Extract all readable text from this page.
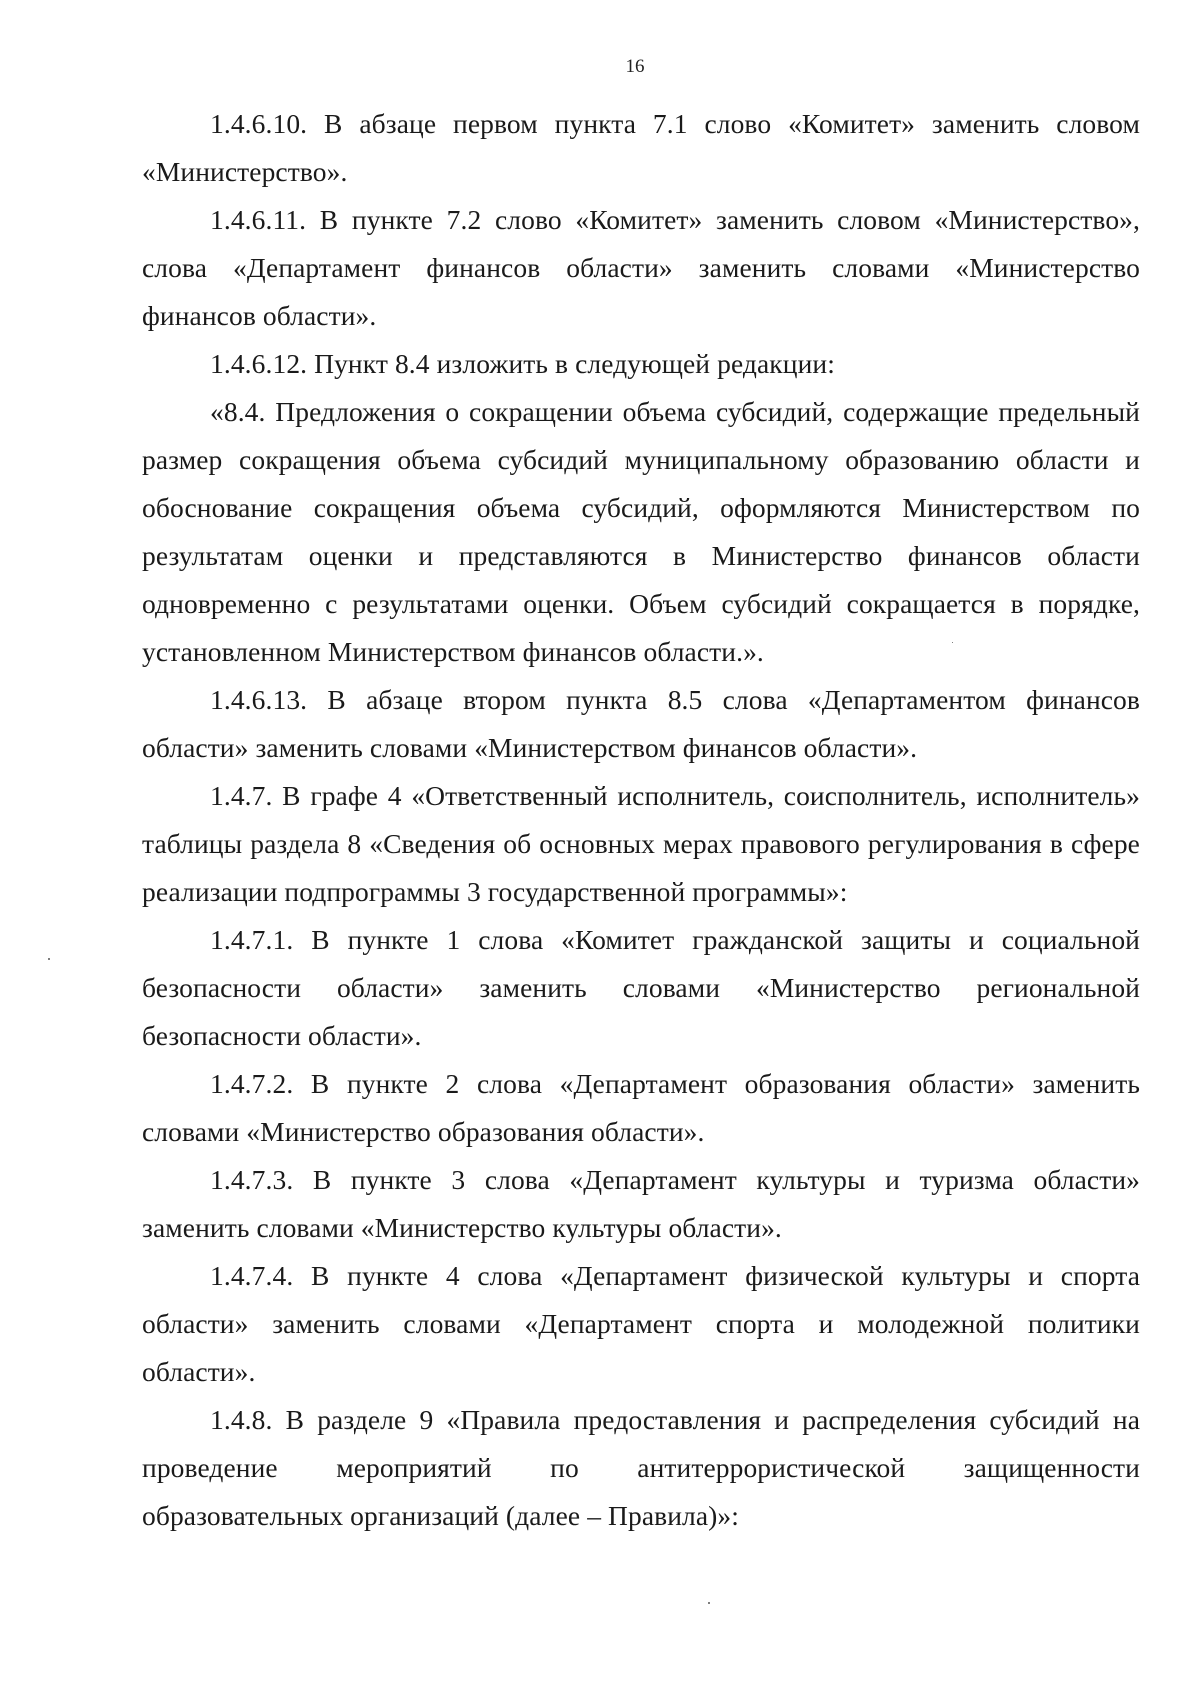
16

1.4.6.10. В абзаце первом пункта 7.1 слово «Комитет» заменить словом «Министерство».

1.4.6.11. В пункте 7.2 слово «Комитет» заменить словом «Министерство», слова «Департамент финансов области» заменить словами «Министерство финансов области».

1.4.6.12. Пункт 8.4 изложить в следующей редакции:

«8.4. Предложения о сокращении объема субсидий, содержащие предельный размер сокращения объема субсидий муниципальному образованию области и обоснование сокращения объема субсидий, оформляются Министерством по результатам оценки и представляются в Министерство финансов области одновременно с результатами оценки. Объем субсидий сокращается в порядке, установленном Министерством финансов области.».

1.4.6.13. В абзаце втором пункта 8.5 слова «Департаментом финансов области» заменить словами «Министерством финансов области».

1.4.7. В графе 4 «Ответственный исполнитель, соисполнитель, исполнитель» таблицы раздела 8 «Сведения об основных мерах правового регулирования в сфере реализации подпрограммы 3 государственной программы»:

1.4.7.1. В пункте 1 слова «Комитет гражданской защиты и социальной безопасности области» заменить словами «Министерство региональной безопасности области».

1.4.7.2. В пункте 2 слова «Департамент образования области» заменить словами «Министерство образования области».

1.4.7.3. В пункте 3 слова «Департамент культуры и туризма области» заменить словами «Министерство культуры области».

1.4.7.4. В пункте 4 слова «Департамент физической культуры и спорта области» заменить словами «Департамент спорта и молодежной политики области».

1.4.8. В разделе 9 «Правила предоставления и распределения субсидий на проведение мероприятий по антитеррористической защищенности образовательных организаций (далее – Правила)»:
